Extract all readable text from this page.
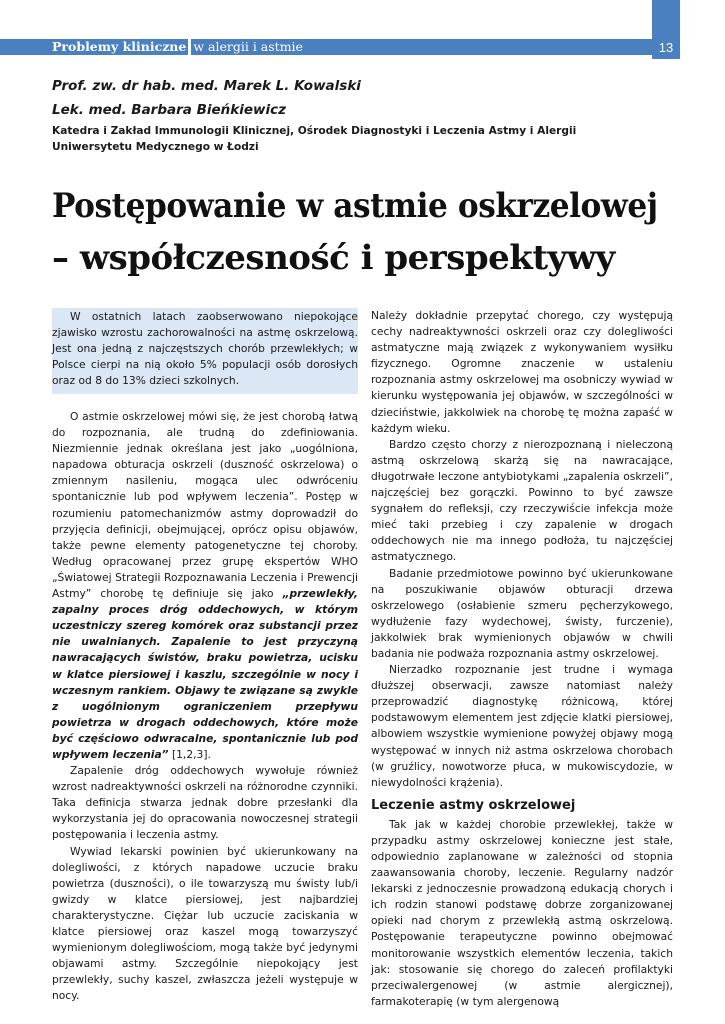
Problemy kliniczne w alergii i astmie	13
Prof. zw. dr hab. med. Marek L. Kowalski
Lek. med. Barbara Bieńkiewicz
Katedra i Zakład Immunologii Klinicznej, Ośrodek Diagnostyki i Leczenia Astmy i Alergii Uniwersytetu Medycznego w Łodzi
Postępowanie w astmie oskrzelowej
– współczesność i perspektywy

W ostatnich latach zaobserwowano niepokojące zjawisko wzrostu zachorowalności na astmę oskrzelową. Jest ona jedną z najczęstszych chorób przewlekłych; w Polsce cierpi na nią około 5% populacji osób dorosłych oraz od 8 do 13% dzieci szkolnych.

O astmie oskrzelowej mówi się, że jest chorobą łatwą do rozpoznania, ale trudną do zdefiniowania. Niezmiennie jednak określana jest jako „uogólniona, napadowa obturacja oskrzeli (duszność oskrzelowa) o zmiennym nasileniu, mogąca ulec odwróceniu spontanicznie lub pod wpływem leczenia”. Postęp w rozumieniu patomechanizmów astmy doprowadził do przyjęcia definicji, obejmującej, oprócz opisu objawów, także pewne elementy patogenetyczne tej choroby. Według opracowanej przez grupę ekspertów WHO „Światowej Strategii Rozpoznawania Leczenia i Prewencji Astmy” chorobę tę definiuje się jako „przewlekły, zapalny proces dróg oddechowych, w którym uczestniczy szereg komórek oraz substancji przez nie uwalnianych. Zapalenie to jest przyczyną nawracających świstów, braku powietrza, ucisku w klatce piersiowej i kaszlu, szczególnie w nocy i wczesnym rankiem. Objawy te związane są zwykle z uogólnionym ograniczeniem przepływu powietrza w drogach oddechowych, które może być częściowo odwracalne, spontanicznie lub pod wpływem leczenia” [1,2,3].

Zapalenie dróg oddechowych wywołuje również wzrost nadreaktywności oskrzeli na różnorodne czynniki. Taka definicja stwarza jednak dobre przesłanki dla wykorzystania jej do opracowania nowoczesnej strategii postępowania i leczenia astmy.

Wywiad lekarski powinien być ukierunkowany na dolegliwości, z których napadowe uczucie braku powietrza (duszności), o ile towarzyszą mu świsty lub/i gwizdy w klatce piersiowej, jest najbardziej charakterystyczne. Ciężar lub uczucie zaciskania w klatce piersiowej oraz kaszel mogą towarzyszyć wymienionym dolegliwościom, mogą także być jedynymi objawami astmy. Szczególnie niepokojący jest przewlekły, suchy kaszel, zwłaszcza jeżeli występuje w nocy.

Należy dokładnie przepytać chorego, czy występują cechy nadreaktywności oskrzeli oraz czy dolegliwości astmatyczne mają związek z wykonywaniem wysiłku fizycznego. Ogromne znaczenie w ustaleniu rozpoznania astmy oskrzelowej ma osobniczy wywiad w kierunku występowania jej objawów, w szczególności w dzieciństwie, jakkolwiek na chorobę tę można zapaść w każdym wieku.

Bardzo często chorzy z nierozpoznaną i nieleczoną astmą oskrzelową skarżą się na nawracające, długotrwałe leczone antybiotykami „zapalenia oskrzeli”, najczęściej bez gorączki. Powinno to być zawsze sygnałem do refleksji, czy rzeczywiście infekcja może mieć taki przebieg i czy zapalenie w drogach oddechowych nie ma innego podłoża, tu najczęściej astmatycznego.

Badanie przedmiotowe powinno być ukierunkowane na poszukiwanie objawów obturacji drzewa oskrzelowego (osłabienie szmeru pęcherzykowego, wydłużenie fazy wydechowej, świsty, furczenie), jakkolwiek brak wymienionych objawów w chwili badania nie podważa rozpoznania astmy oskrzelowej.

Nierzadko rozpoznanie jest trudne i wymaga dłuższej obserwacji, zawsze natomiast należy przeprowadzić diagnostykę różnicową, której podstawowym elementem jest zdjęcie klatki piersiowej, albowiem wszystkie wymienione powyżej objawy mogą występować w innych niż astma oskrzelowa chorobach (w gruźlicy, nowotworze płuca, w mukowiscydozie, w niewydolności krążenia).

Leczenie astmy oskrzelowej

Tak jak w każdej chorobie przewlekłej, także w przypadku astmy oskrzelowej konieczne jest stałe, odpowiednio zaplanowane w zależności od stopnia zaawansowania choroby, leczenie. Regularny nadzór lekarski z jednoczesnie prowadzoną edukacją chorych i ich rodzin stanowi podstawę dobrze zorganizowanej opieki nad chorym z przewlekłą astmą oskrzelową. Postępowanie terapeutyczne powinno obejmować monitorowanie wszystkich elementów leczenia, takich jak: stosowanie się chorego do zaleceń profilaktyki przeciwalergenowej (w astmie alergicznej), farmakoterapię (w tym alergenową
